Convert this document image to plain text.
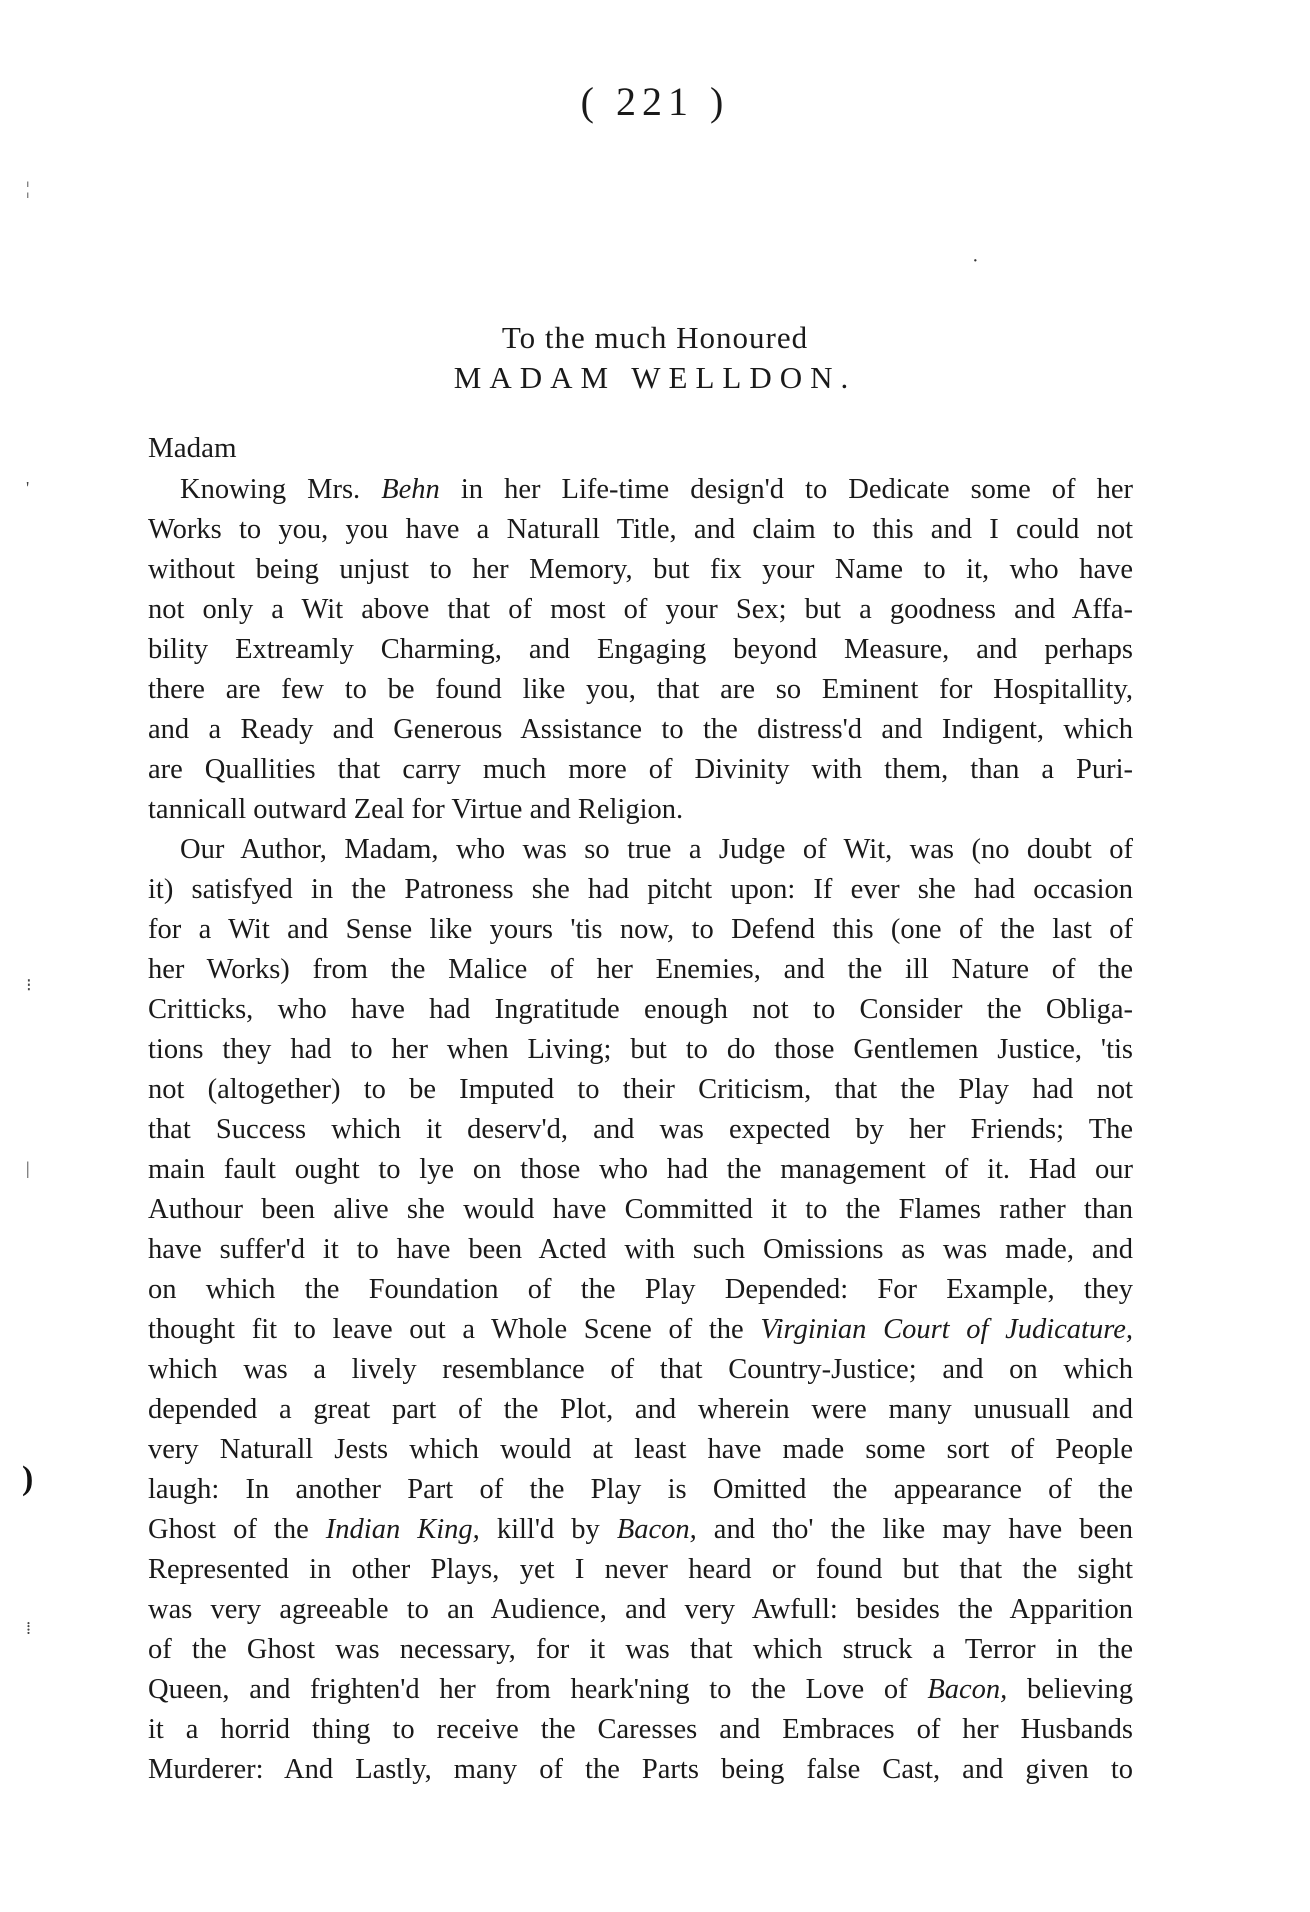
( 221 )
·
To the much Honoured
MADAM WELLDON.
Madam
Knowing Mrs. Behn in her Life-time design'd to Dedicate some of her
Works to you, you have a Naturall Title, and claim to this and I could not
without being unjust to her Memory, but fix your Name to it, who have
not only a Wit above that of most of your Sex; but a goodness and Affa-
bility Extreamly Charming, and Engaging beyond Measure, and perhaps
there are few to be found like you, that are so Eminent for Hospitallity,
and a Ready and Generous Assistance to the distress'd and Indigent, which
are Quallities that carry much more of Divinity with them, than a Puri-
tannicall outward Zeal for Virtue and Religion.
Our Author, Madam, who was so true a Judge of Wit, was (no doubt of
it) satisfyed in the Patroness she had pitcht upon: If ever she had occasion
for a Wit and Sense like yours 'tis now, to Defend this (one of the last of
her Works) from the Malice of her Enemies, and the ill Nature of the
Critticks, who have had Ingratitude enough not to Consider the Obliga-
tions they had to her when Living; but to do those Gentlemen Justice, 'tis
not (altogether) to be Imputed to their Criticism, that the Play had not
that Success which it deserv'd, and was expected by her Friends; The
main fault ought to lye on those who had the management of it. Had our
Authour been alive she would have Committed it to the Flames rather than
have suffer'd it to have been Acted with such Omissions as was made, and
on which the Foundation of the Play Depended: For Example, they
thought fit to leave out a Whole Scene of the Virginian Court of Judicature,
which was a lively resemblance of that Country-Justice; and on which
depended a great part of the Plot, and wherein were many unusuall and
very Naturall Jests which would at least have made some sort of People
laugh: In another Part of the Play is Omitted the appearance of the
Ghost of the Indian King, kill'd by Bacon, and tho' the like may have been
Represented in other Plays, yet I never heard or found but that the sight
was very agreeable to an Audience, and very Awfull: besides the Apparition
of the Ghost was necessary, for it was that which struck a Terror in the
Queen, and frighten'd her from heark'ning to the Love of Bacon, believing
it a horrid thing to receive the Caresses and Embraces of her Husbands
Murderer: And Lastly, many of the Parts being false Cast, and given to
¦
'
⁝
|
)
⁞
